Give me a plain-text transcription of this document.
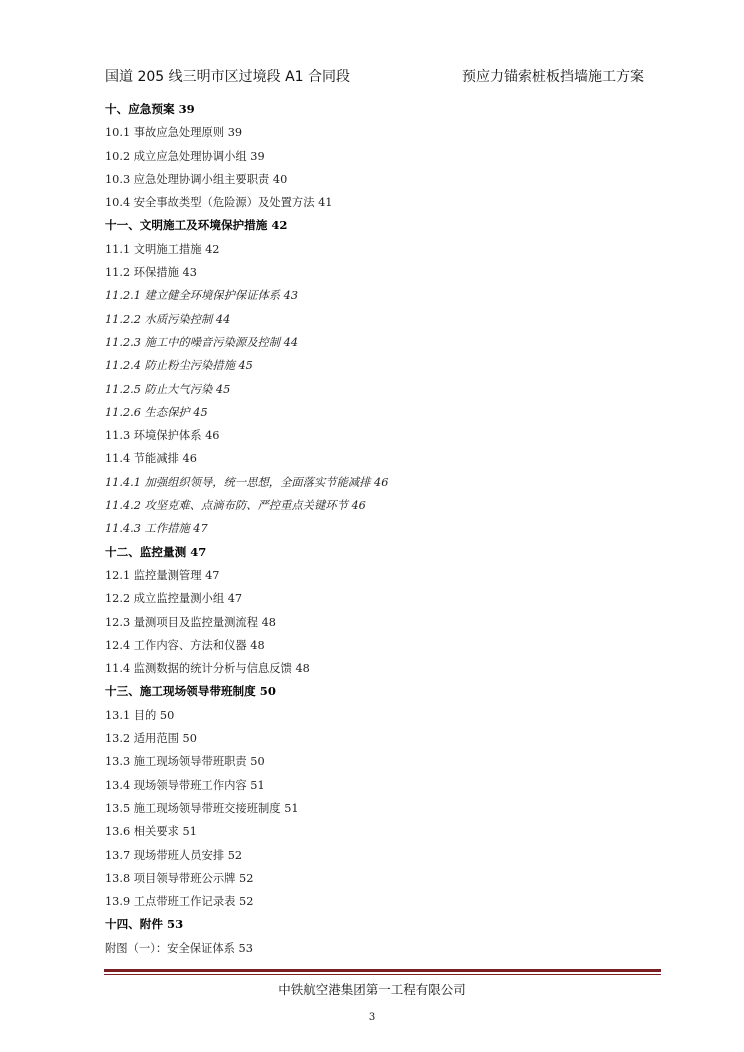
国道 205 线三明市区过境段 A1 合同段	预应力锚索桩板挡墙施工方案
十、应急预案 39
10.1 事故应急处理原则 39
10.2 成立应急处理协调小组 39
10.3 应急处理协调小组主要职责 40
10.4 安全事故类型（危险源）及处置方法 41
十一、文明施工及环境保护措施 42
11.1 文明施工措施 42
11.2 环保措施 43
11.2.1 建立健全环境保护保证体系 43
11.2.2 水质污染控制 44
11.2.3 施工中的噪音污染源及控制 44
11.2.4 防止粉尘污染措施 45
11.2.5 防止大气污染 45
11.2.6 生态保护 45
11.3 环境保护体系 46
11.4 节能减排 46
11.4.1 加强组织领导，统一思想，全面落实节能减排 46
11.4.2 攻坚克难、点滴布防、严控重点关键环节 46
11.4.3 工作措施 47
十二、监控量测 47
12.1 监控量测管理 47
12.2 成立监控量测小组 47
12.3 量测项目及监控量测流程 48
12.4 工作内容、方法和仪器 48
11.4 监测数据的统计分析与信息反馈 48
十三、施工现场领导带班制度 50
13.1 目的 50
13.2 适用范围 50
13.3 施工现场领导带班职责 50
13.4 现场领导带班工作内容 51
13.5 施工现场领导带班交接班制度 51
13.6 相关要求 51
13.7 现场带班人员安排 52
13.8 项目领导带班公示牌 52
13.9 工点带班工作记录表 52
十四、附件 53
附图（一）：安全保证体系 53
中铁航空港集团第一工程有限公司
3
